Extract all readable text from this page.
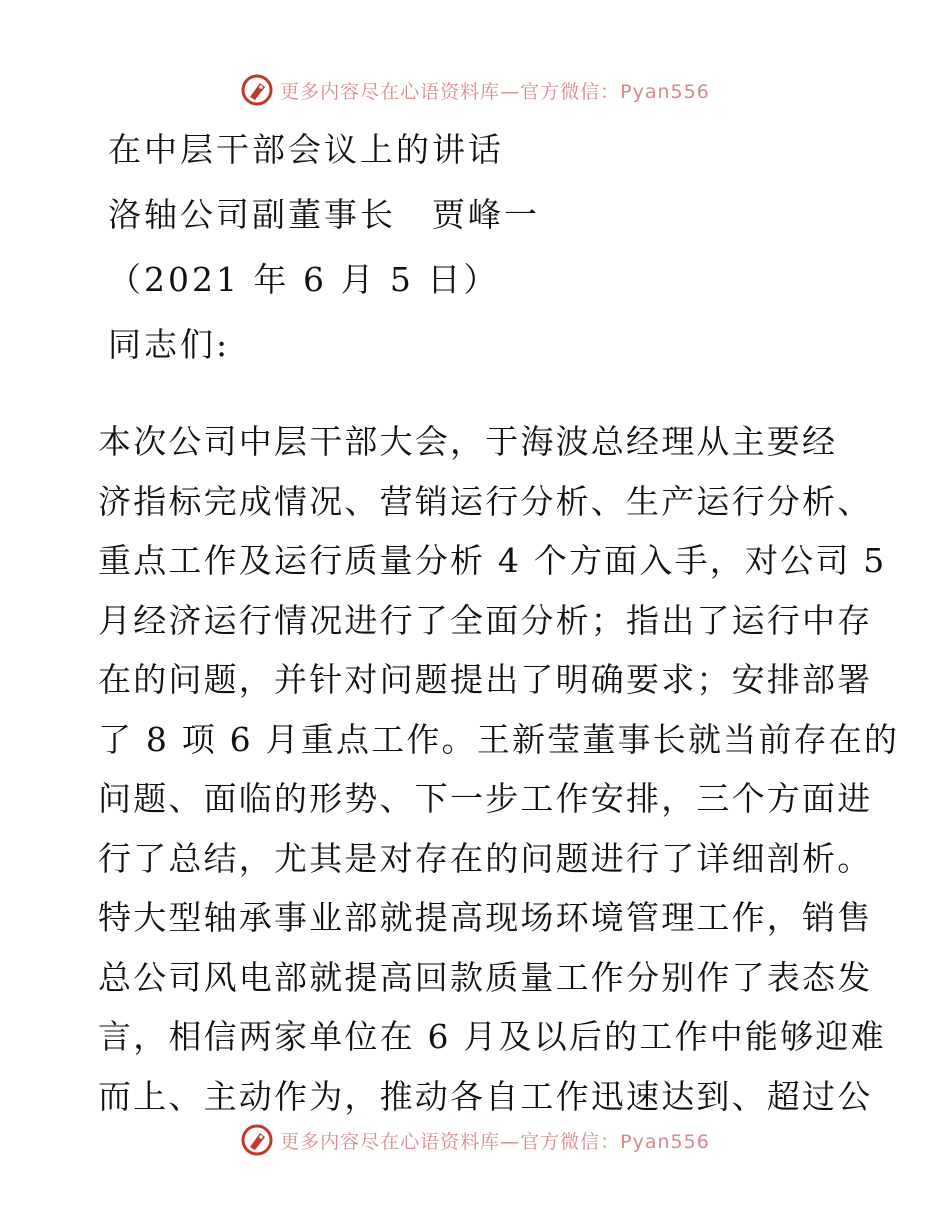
更多内容尽在心语资料库—官方微信：Pyan556
在中层干部会议上的讲话
洛轴公司副董事长　贾峰一
（2021 年 6 月 5 日）
同志们:
本次公司中层干部大会，于海波总经理从主要经
济指标完成情况、营销运行分析、生产运行分析、
重点工作及运行质量分析 4 个方面入手，对公司 5
月经济运行情况进行了全面分析；指出了运行中存
在的问题，并针对问题提出了明确要求；安排部署
了 8 项 6 月重点工作。王新莹董事长就当前存在的
问题、面临的形势、下一步工作安排，三个方面进
行了总结，尤其是对存在的问题进行了详细剖析。
特大型轴承事业部就提高现场环境管理工作，销售
总公司风电部就提高回款质量工作分别作了表态发
言，相信两家单位在 6 月及以后的工作中能够迎难
而上、主动作为，推动各自工作迅速达到、超过公
更多内容尽在心语资料库—官方微信：Pyan556
